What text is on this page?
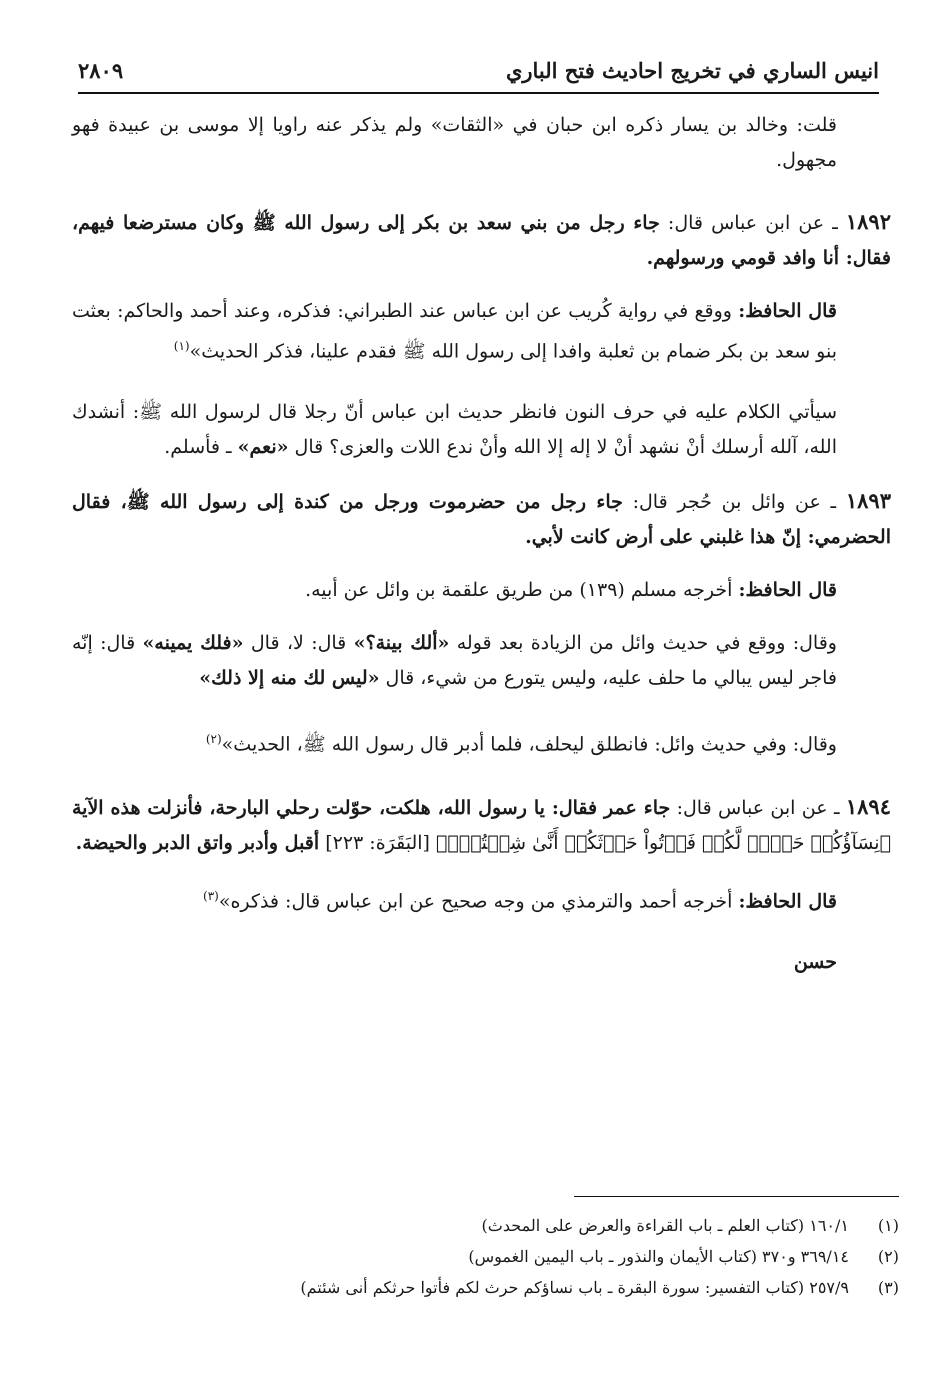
انيس الساري في تخريج احاديث فتح الباري
٢٨٠٩

قلت: وخالد بن يسار ذكره ابن حبان في «الثقات» ولم يذكر عنه راويا إلا موسى بن عبيدة فهو مجهول.

١٨٩٢ ـ عن ابن عباس قال: جاء رجل من بني سعد بن بكر إلى رسول الله ﷺ وكان مسترضعا فيهم، فقال: أنا وافد قومي ورسولهم.

قال الحافظ: ووقع في رواية كُريب عن ابن عباس عند الطبراني: فذكره، وعند أحمد والحاكم: بعثت بنو سعد بن بكر ضمام بن ثعلبة وافدا إلى رسول الله ﷺ فقدم علينا، فذكر الحديث»$^{(١)}$

سيأتي الكلام عليه في حرف النون فانظر حديث ابن عباس أنّ رجلا قال لرسول الله ﷺ: أنشدك الله، آلله أرسلك أنْ نشهد أنْ لا إله إلا الله وأنْ ندع اللات والعزى؟ قال «نعم» ـ فأسلم.

١٨٩٣ ـ عن وائل بن حُجر قال: جاء رجل من حضرموت ورجل من كندة إلى رسول الله ﷺ، فقال الحضرمي: إنّ هذا غلبني على أرض كانت لأبي.

قال الحافظ: أخرجه مسلم (١٣٩) من طريق علقمة بن وائل عن أبيه.

وقال: ووقع في حديث وائل من الزيادة بعد قوله «ألك بينة؟» قال: لا، قال «فلك يمينه» قال: إنّه فاجر ليس يبالي ما حلف عليه، وليس يتورع من شيء، قال «ليس لك منه إلا ذلك»

وقال: وفي حديث وائل: فانطلق ليحلف، فلما أدبر قال رسول الله ﷺ، الحديث»$^{(٢)}$

١٨٩٤ ـ عن ابن عباس قال: جاء عمر فقال: يا رسول الله، هلكت، حوّلت رحلي البارحة، فأنزلت هذه الآية ﴿نِسَآؤُكُمۡ حَرۡثٞ لَّكُمۡ فَأۡتُواْ حَرۡثَكُمۡ أَنَّىٰ شِئۡتُمۡۖ﴾ [البَقَرَة: ٢٢٣] أقبل وأدبر واتق الدبر والحيضة.

قال الحافظ: أخرجه أحمد والترمذي من وجه صحيح عن ابن عباس قال: فذكره»$^{(٣)}$

حسن

(١)
١٦٠/١ (كتاب العلم ـ باب القراءة والعرض على المحدث)
(٢)
٣٦٩/١٤ و٣٧٠ (كتاب الأيمان والنذور ـ باب اليمين الغموس)
(٣)
٢٥٧/٩ (كتاب التفسير: سورة البقرة ـ باب نساؤكم حرث لكم فأتوا حرثكم أنى شئتم)
